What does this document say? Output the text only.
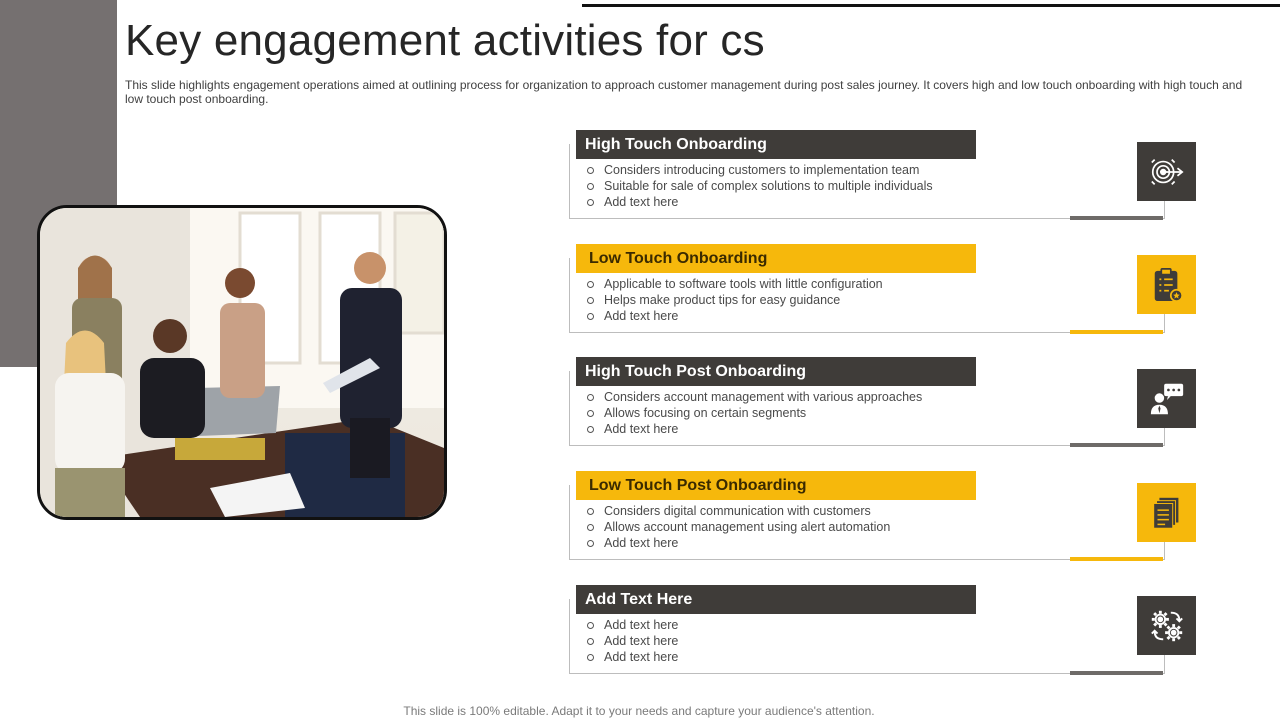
Key engagement activities for cs

This slide highlights engagement operations aimed at outlining process for organization to approach customer management during post sales journey. It covers high and low touch onboarding with high touch and low touch post onboarding.

High Touch Onboarding
Considers introducing customers to implementation team
Suitable for sale of complex solutions to multiple individuals
Add text here
Low Touch Onboarding
Applicable to software tools with little configuration
Helps make product tips for easy guidance
Add text here
High Touch Post Onboarding
Considers account management with various approaches
Allows focusing on certain segments
Add text here
Low Touch Post Onboarding
Considers digital communication with customers
Allows account management using alert automation
Add text here
Add Text Here
Add text here
Add text here
Add text here

This slide is 100% editable. Adapt it to your needs and capture your audience's attention.
